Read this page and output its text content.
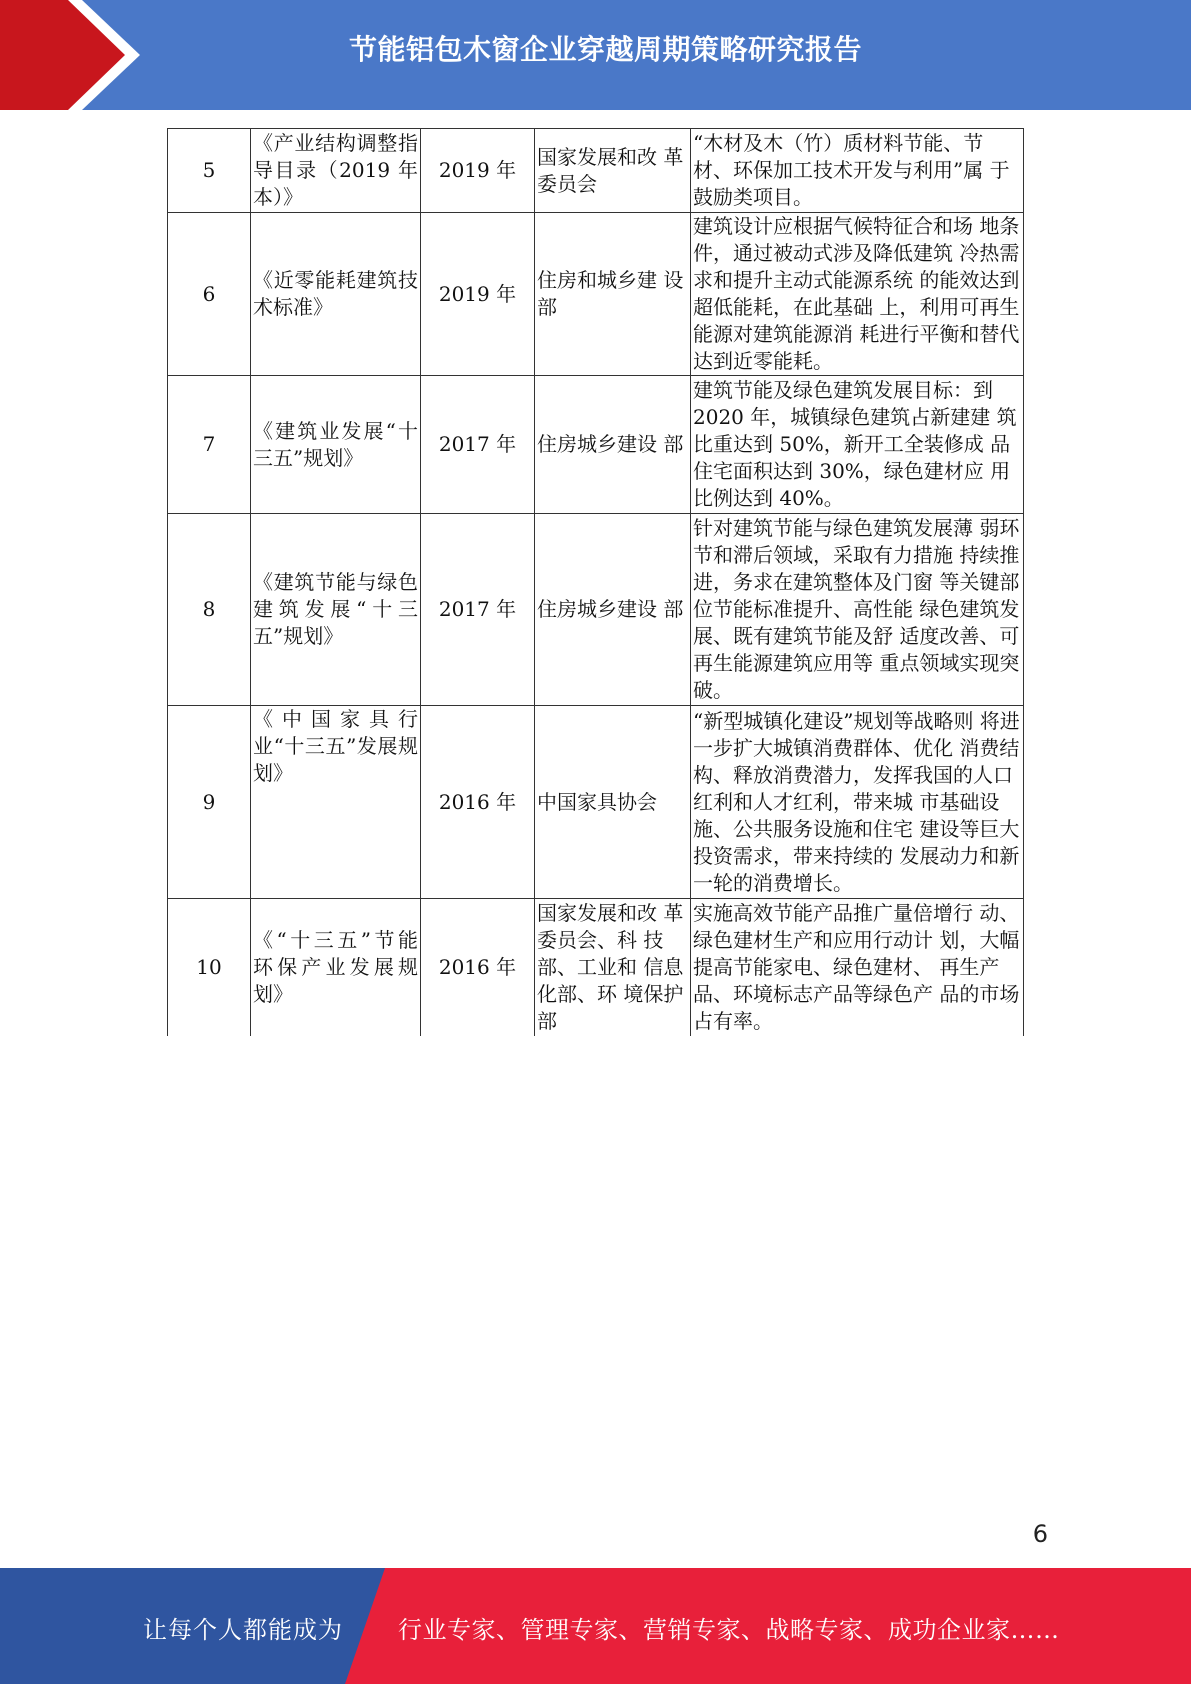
节能铝包木窗企业穿越周期策略研究报告
5	《产业结构调整指导目录（2019 年本）》	2019 年	国家发展和改 革委员会	“木材及木（竹）质材料节能、节 材、环保加工技术开发与利用”属 于鼓励类项目。
6	《近零能耗建筑技术标准》	2019 年	住房和城乡建 设部	建筑设计应根据气候特征合和场 地条件，通过被动式涉及降低建筑 冷热需求和提升主动式能源系统 的能效达到超低能耗，在此基础 上，利用可再生能源对建筑能源消 耗进行平衡和替代达到近零能耗。
7	《建筑业发展“十三五”规划》	2017 年	住房城乡建设 部	建筑节能及绿色建筑发展目标：到 2020 年，城镇绿色建筑占新建建 筑比重达到 50%，新开工全装修成 品住宅面积达到 30%，绿色建材应 用比例达到 40%。
8	《建筑节能与绿色建筑发展“十三五”规划》	2017 年	住房城乡建设 部	针对建筑节能与绿色建筑发展薄 弱环节和滞后领域，采取有力措施 持续推进，务求在建筑整体及门窗 等关键部位节能标准提升、高性能 绿色建筑发展、既有建筑节能及舒 适度改善、可再生能源建筑应用等 重点领域实现突破。
9	《中国家具行业“十三五”发展规划》	2016 年	中国家具协会	“新型城镇化建设”规划等战略则 将进一步扩大城镇消费群体、优化 消费结构、释放消费潜力，发挥我国的人口红利和人才红利，带来城 市基础设施、公共服务设施和住宅 建设等巨大投资需求，带来持续的 发展动力和新一轮的消费增长。
10	《“十三五”节能 环保产业发展规 划》	2016 年	国家发展和改 革委员会、科 技部、工业和 信息化部、环 境保护部	实施高效节能产品推广量倍增行 动、绿色建材生产和应用行动计 划，大幅提高节能家电、绿色建材、 再生产品、环境标志产品等绿色产 品的市场占有率。
6
让每个人都能成为 行业专家、管理专家、营销专家、战略专家、成功企业家……
